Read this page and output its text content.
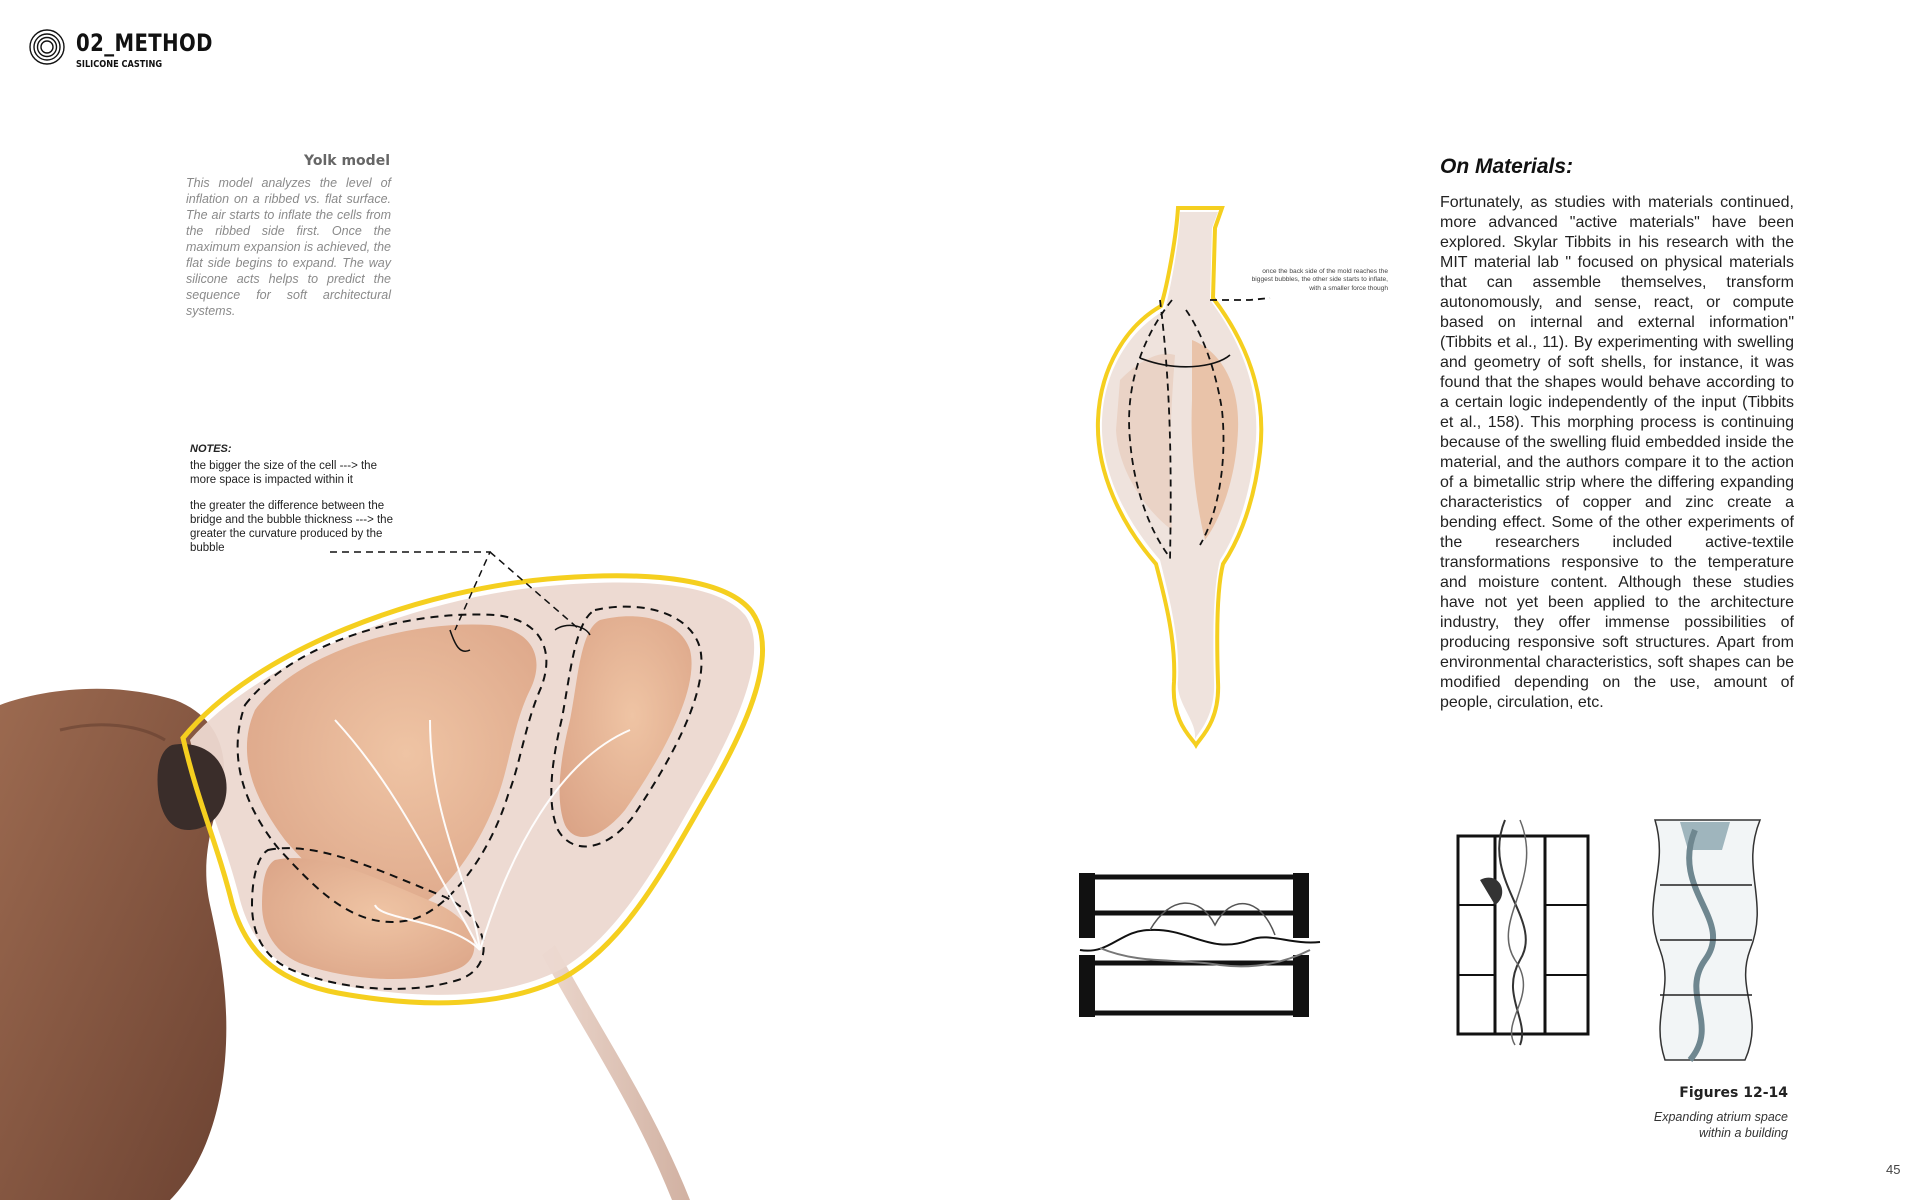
02_METHOD
SILICONE CASTING
Yolk model

This model analyzes the level of inflation on a ribbed vs. flat surface. The air starts to inflate the cells from the ribbed side first. Once the maximum expansion is achieved, the flat side begins to expand. The way silicone acts helps to predict the sequence for soft architectural systems.

NOTES:

the bigger the size of the cell ---> the more space is impacted within it

the greater the difference between the bridge and the bubble thickness ---> the greater the curvature produced by the bubble

once the back side of the mold reaches the biggest bubbles, the other side starts to inflate, with a smaller force though
On Materials:

Fortunately, as studies with materials continued, more advanced "active materials" have been explored. Skylar Tibbits in his research with the MIT material lab " focused on physical materials that can assemble themselves, transform autonomously, and sense, react, or compute based on internal and external information" (Tibbits et al., 11). By experimenting with swelling and geometry of soft shells, for instance, it was found that the shapes would behave according to a certain logic independently of the input (Tibbits et al., 158). This morphing process is continuing because of the swelling fluid embedded inside the material, and the authors compare it to the action of a bimetallic strip where the differing expanding characteristics of copper and zinc create a bending effect. Some of the other experiments of the researchers included active-textile transformations responsive to the temperature and moisture content. Although these studies have not yet been applied to the architecture industry, they offer immense possibilities of producing responsive soft structures. Apart from environmental characteristics, soft shapes can be modified depending on the use, amount of people, circulation, etc.

Figures 12-14
Expanding atrium space within a building
45
